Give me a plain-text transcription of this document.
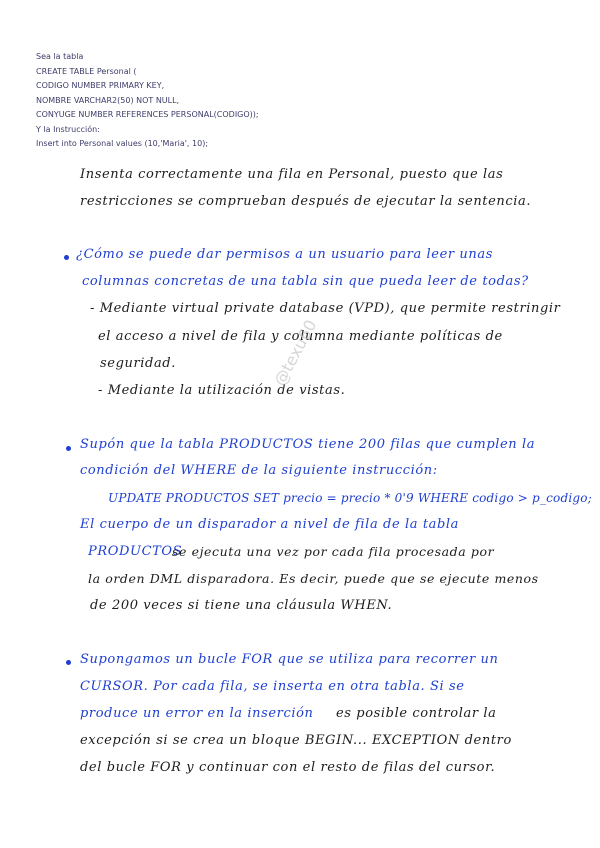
Sea la tabla
CREATE TABLE Personal (
CODIGO NUMBER PRIMARY KEY,
NOMBRE VARCHAR2(50) NOT NULL,
CONYUGE NUMBER REFERENCES PERSONAL(CODIGO));
Y la Instrucción:
Insert into Personal values (10,'Maria', 10);
Insenta correctamente una fila en Personal, puesto que las
restricciones se comprueban después de ejecutar la sentencia.
¿Cómo se puede dar permisos a un usuario para leer unas
columnas concretas de una tabla sin que pueda leer de todas?
- Mediante virtual private database (VPD), que permite restringir
el acceso a nivel de fila y columna mediante políticas de
seguridad.
- Mediante la utilización de vistas.
Supón que la tabla PRODUCTOS tiene 200 filas que cumplen la
condición del WHERE de la siguiente instrucción:
UPDATE PRODUCTOS SET precio = precio * 0'9 WHERE codigo > p_codigo;
El cuerpo de un disparador a nivel de fila de la tabla
PRODUCTOS
se ejecuta una vez por cada fila procesada por
la orden DML disparadora. Es decir, puede que se ejecute menos
de 200 veces si tiene una cláusula WHEN.
Supongamos un bucle FOR que se utiliza para recorrer un
CURSOR. Por cada fila, se inserta en otra tabla. Si se
produce un error en la inserción es posible controlar la
excepción si se crea un bloque BEGIN... EXCEPTION dentro
del bucle FOR y continuar con el resto de filas del cursor.
@texu60
